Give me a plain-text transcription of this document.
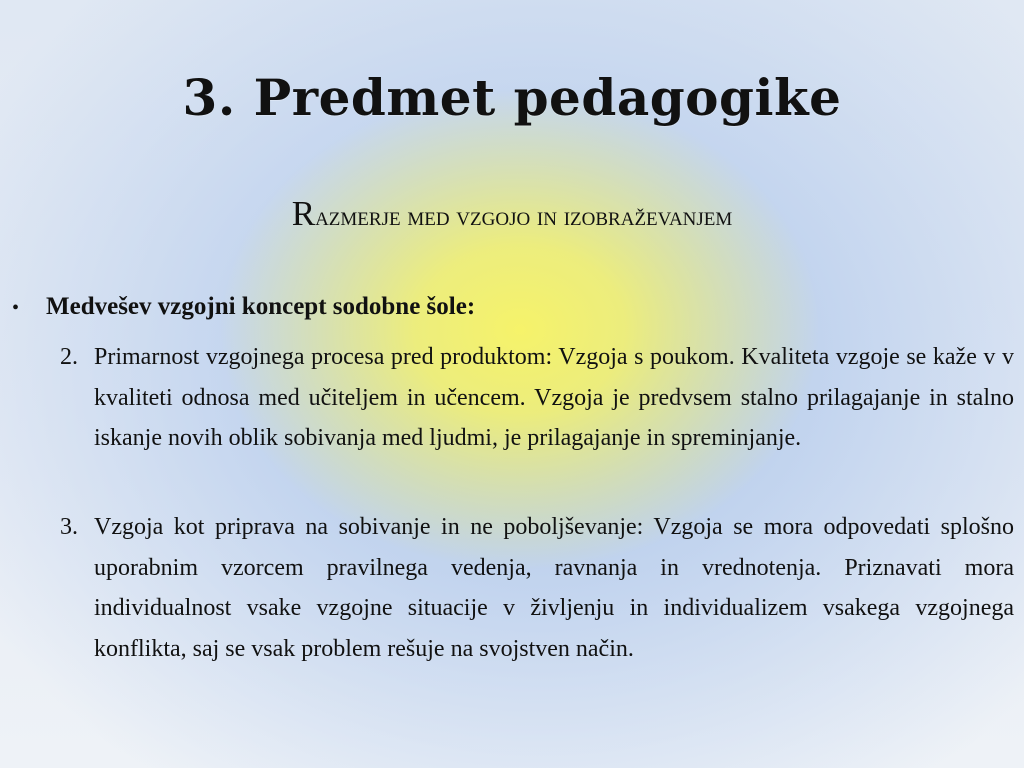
3. Predmet pedagogike

Razmerje med vzgojo in izobraževanjem

•	Medvešev vzgojni koncept sodobne šole:
2. Primarnost vzgojnega procesa pred produktom: Vzgoja s poukom. Kvaliteta vzgoje se kaže v v kvaliteti odnosa med učiteljem in učencem. Vzgoja je predvsem stalno prilagajanje in stalno iskanje novih oblik sobivanja med ljudmi, je prilagajanje in spreminjanje.
3. Vzgoja kot priprava na sobivanje in ne poboljševanje: Vzgoja se mora odpovedati splošno uporabnim vzorcem pravilnega vedenja, ravnanja in vrednotenja. Priznavati mora individualnost vsake vzgojne situacije v življenju in individualizem vsakega vzgojnega konflikta, saj se vsak problem rešuje na svojstven način.
